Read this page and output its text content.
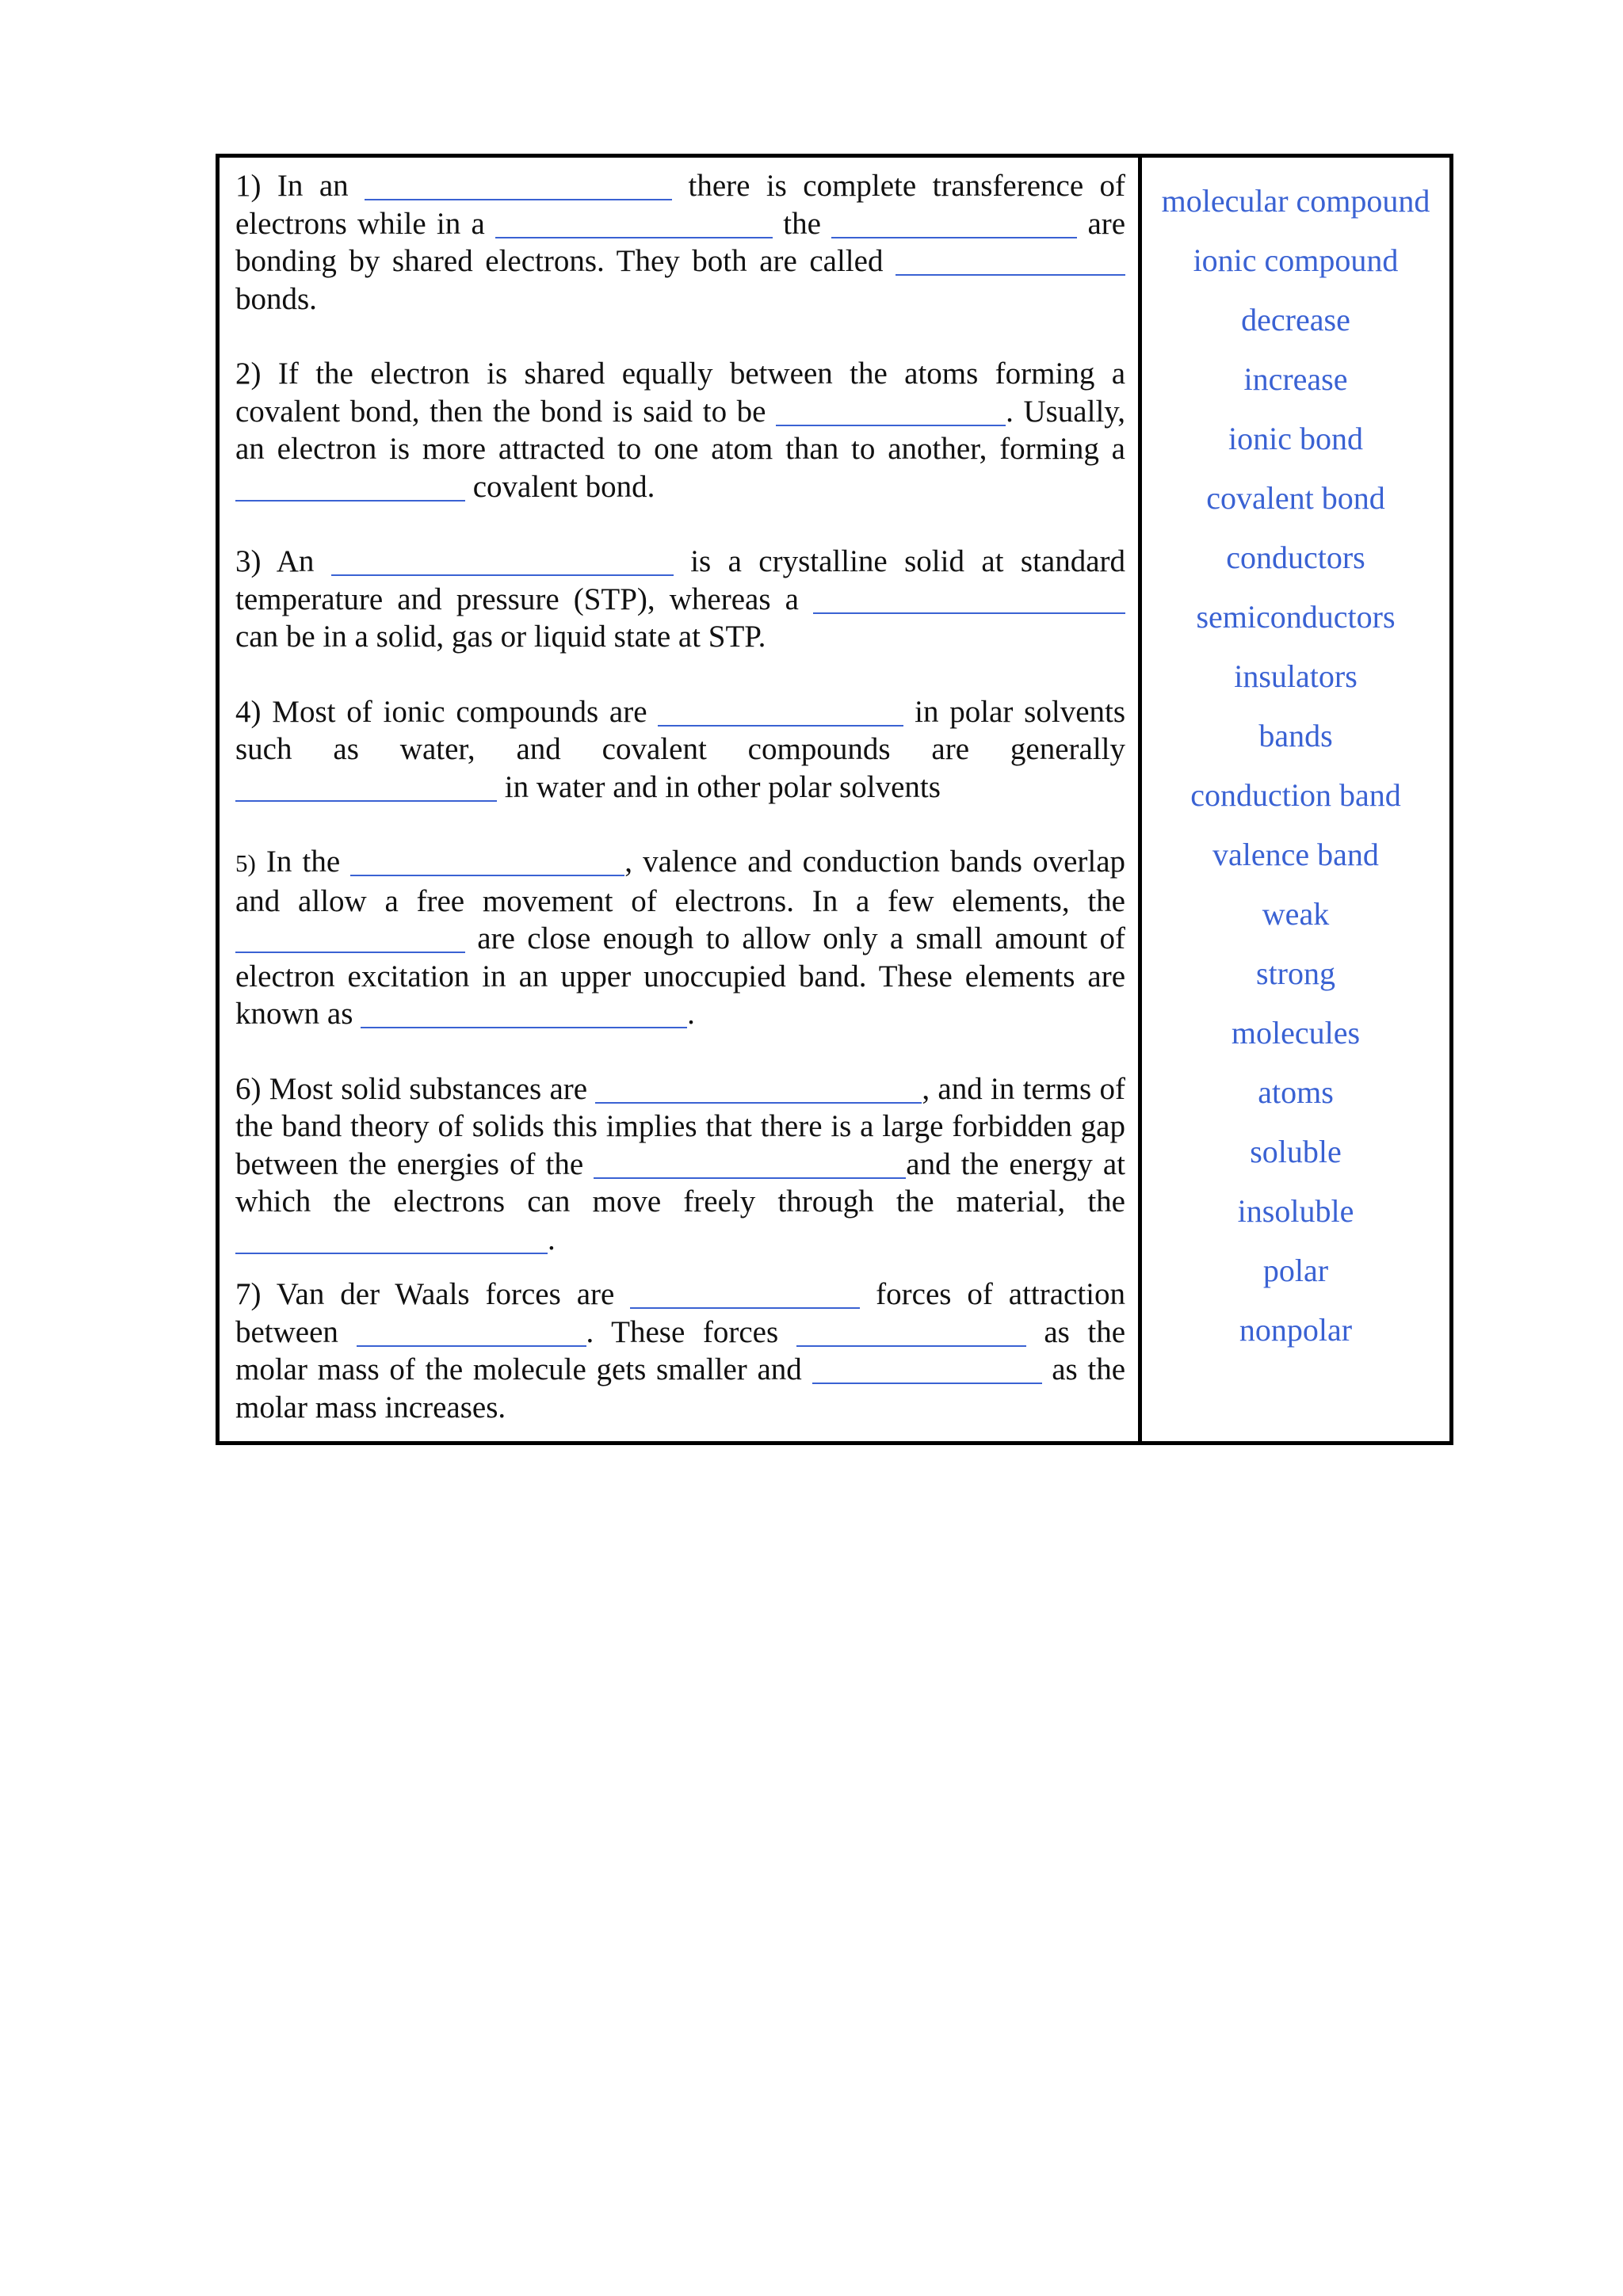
1) In an	there is complete transference of electrons while in a	the	are bonding by shared electrons. They both are called  bonds.

2) If the electron is shared equally between the atoms forming a covalent bond, then the bond is said to be	. Usually, an electron is more attracted to one atom than to another, forming a  covalent bond.

3) An	is a crystalline solid at standard temperature and pressure (STP), whereas a  can be in a solid, gas or liquid state at STP.

4) Most of ionic compounds are	in polar solvents such as water, and covalent compounds are generally  in water and in other polar solvents

5) In the	, valence and conduction bands overlap and allow a free movement of electrons. In a few elements, the  are close enough to allow only a small amount of electron excitation in an upper unoccupied band. These elements are known as	.

6) Most solid substances are	, and in terms of the band theory of solids this implies that there is a large forbidden gap between the energies of the	and the energy at which the electrons can move freely through the material, the .

7) Van der Waals forces are	forces of attraction between	. These forces	as the molar mass of the molecule gets smaller and	as the molar mass increases.

molecular compound
ionic compound
decrease
increase
ionic bond
covalent bond
conductors
semiconductors
insulators
bands
conduction band
valence band
weak
strong
molecules
atoms
soluble
insoluble
polar
nonpolar
